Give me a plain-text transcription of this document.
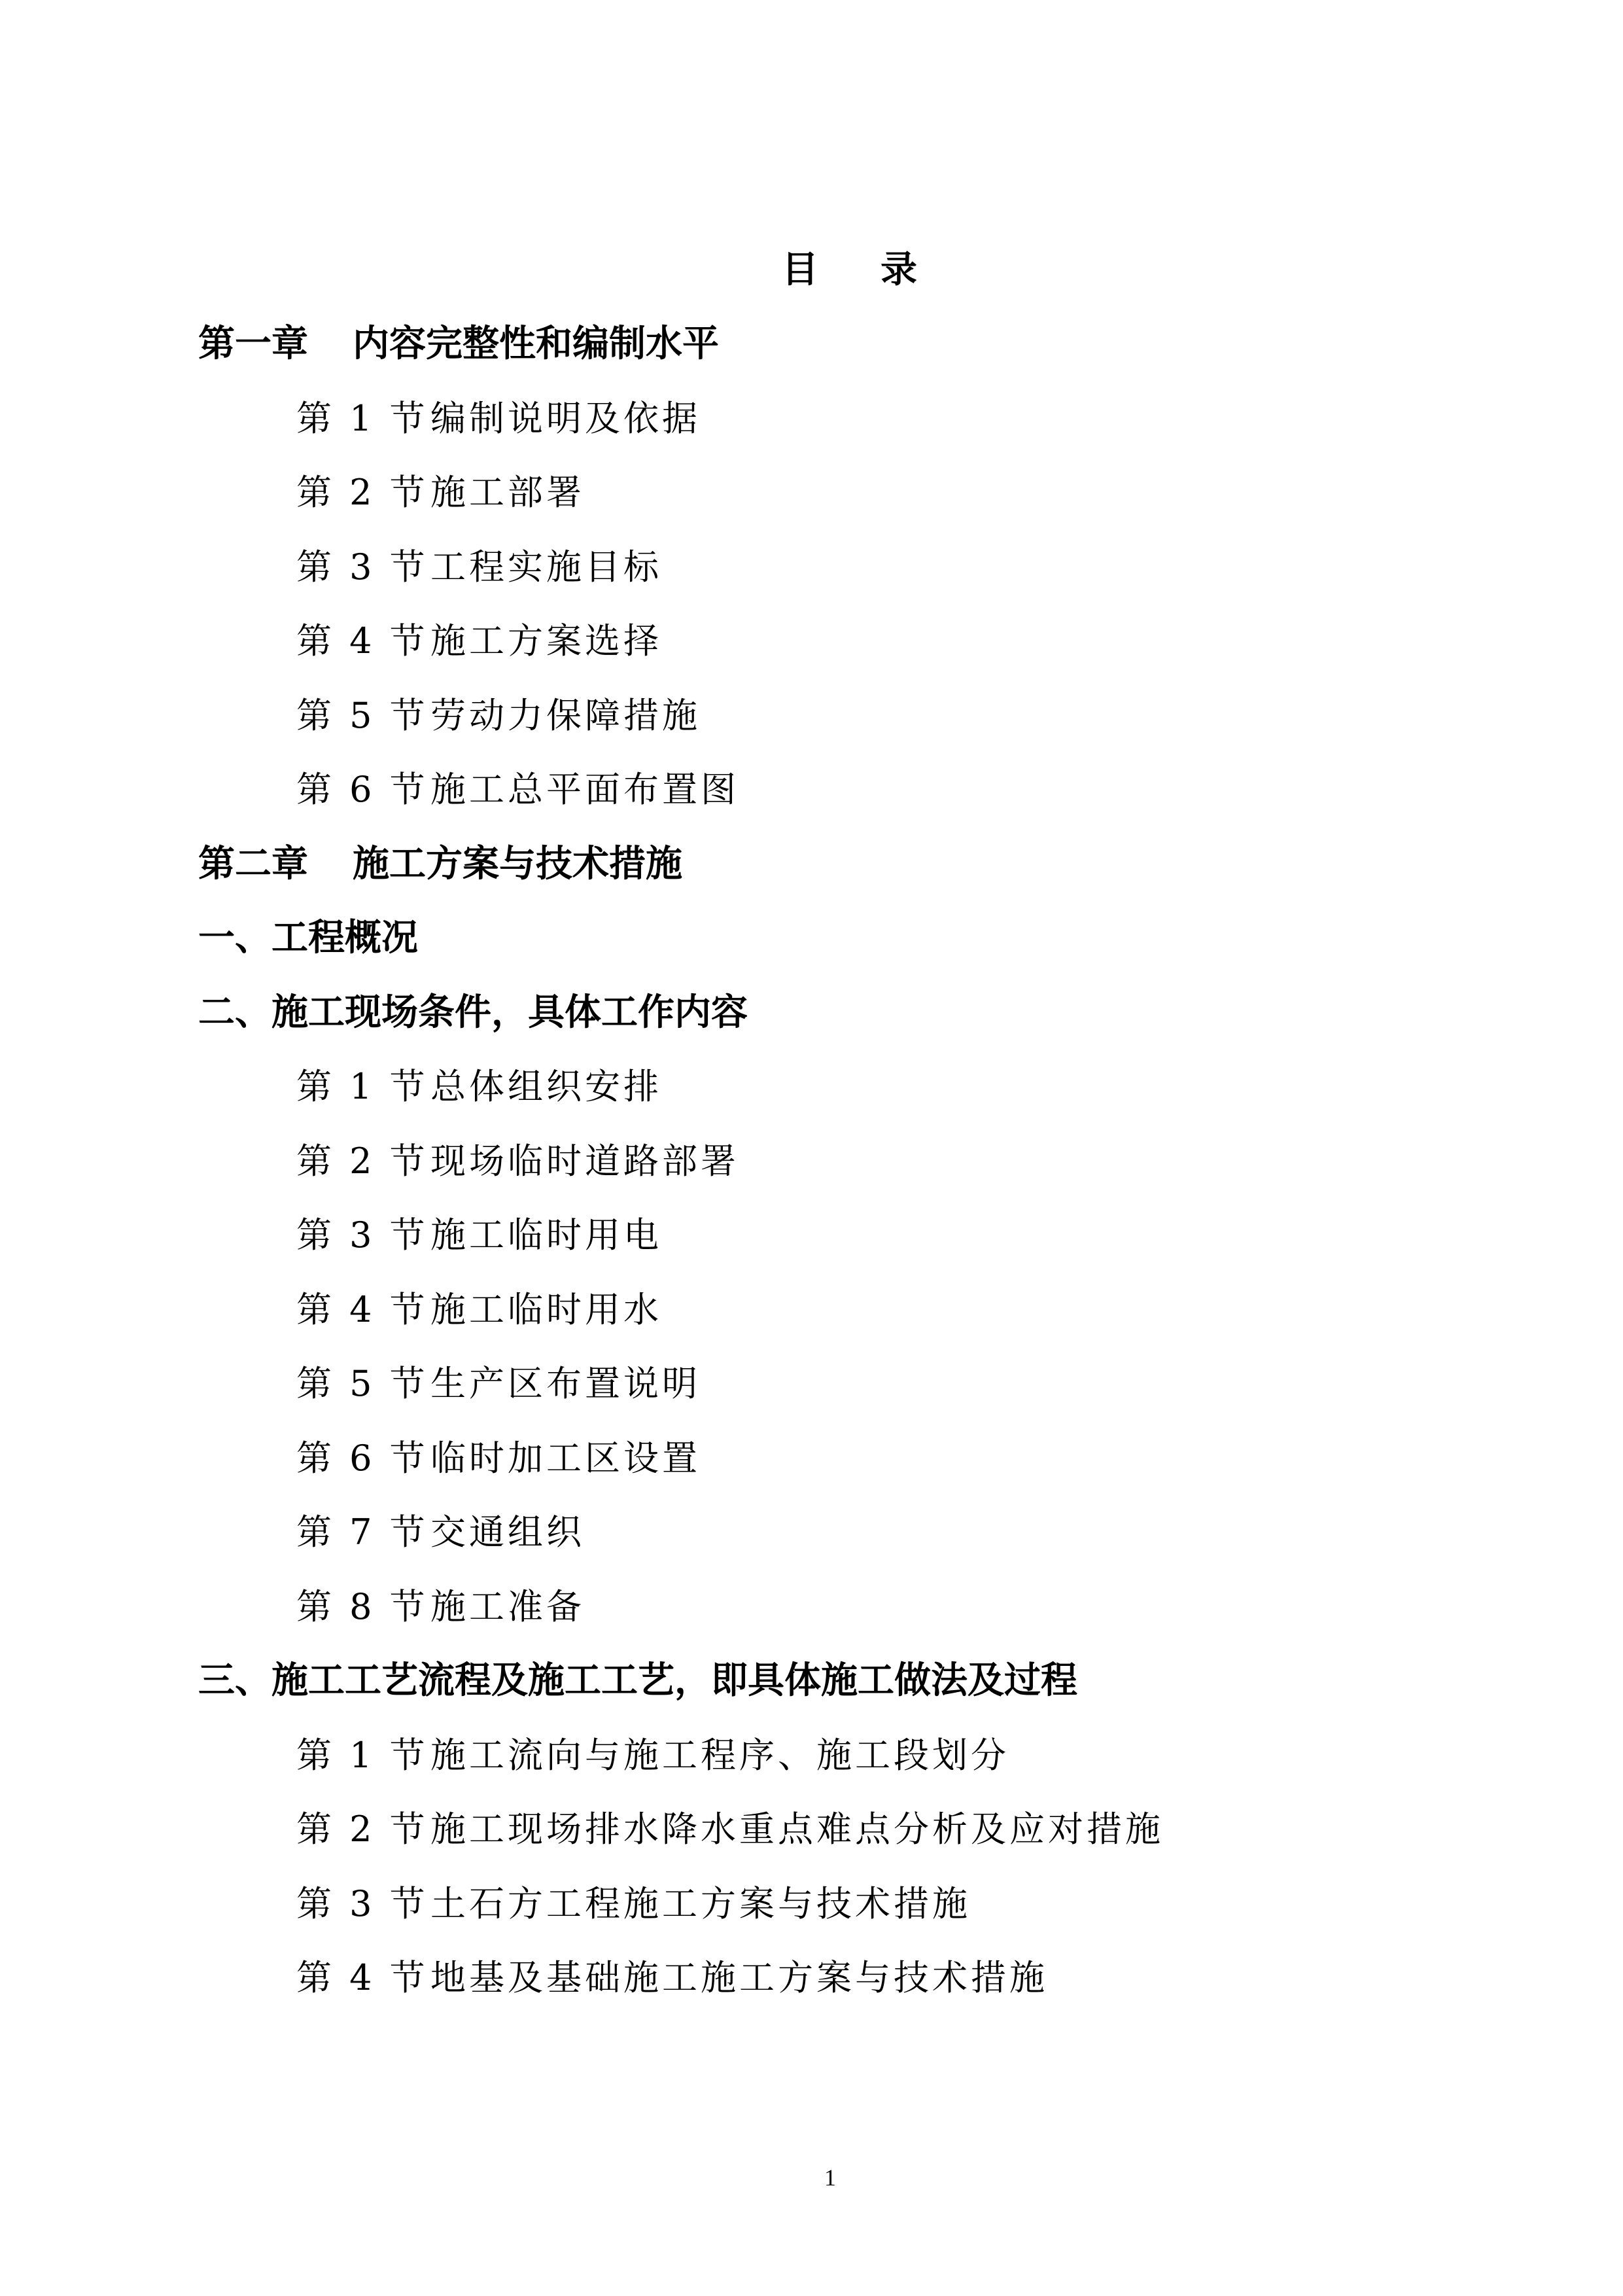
目录
第一章 内容完整性和编制水平
第 1 节编制说明及依据
第 2 节施工部署
第 3 节工程实施目标
第 4 节施工方案选择
第 5 节劳动力保障措施
第 6 节施工总平面布置图
第二章 施工方案与技术措施
一、工程概况
二、施工现场条件，具体工作内容
第 1 节总体组织安排
第 2 节现场临时道路部署
第 3 节施工临时用电
第 4 节施工临时用水
第 5 节生产区布置说明
第 6 节临时加工区设置
第 7 节交通组织
第 8 节施工准备
三、施工工艺流程及施工工艺，即具体施工做法及过程
第 1 节施工流向与施工程序、施工段划分
第 2 节施工现场排水降水重点难点分析及应对措施
第 3 节土石方工程施工方案与技术措施
第 4 节地基及基础施工施工方案与技术措施
1
